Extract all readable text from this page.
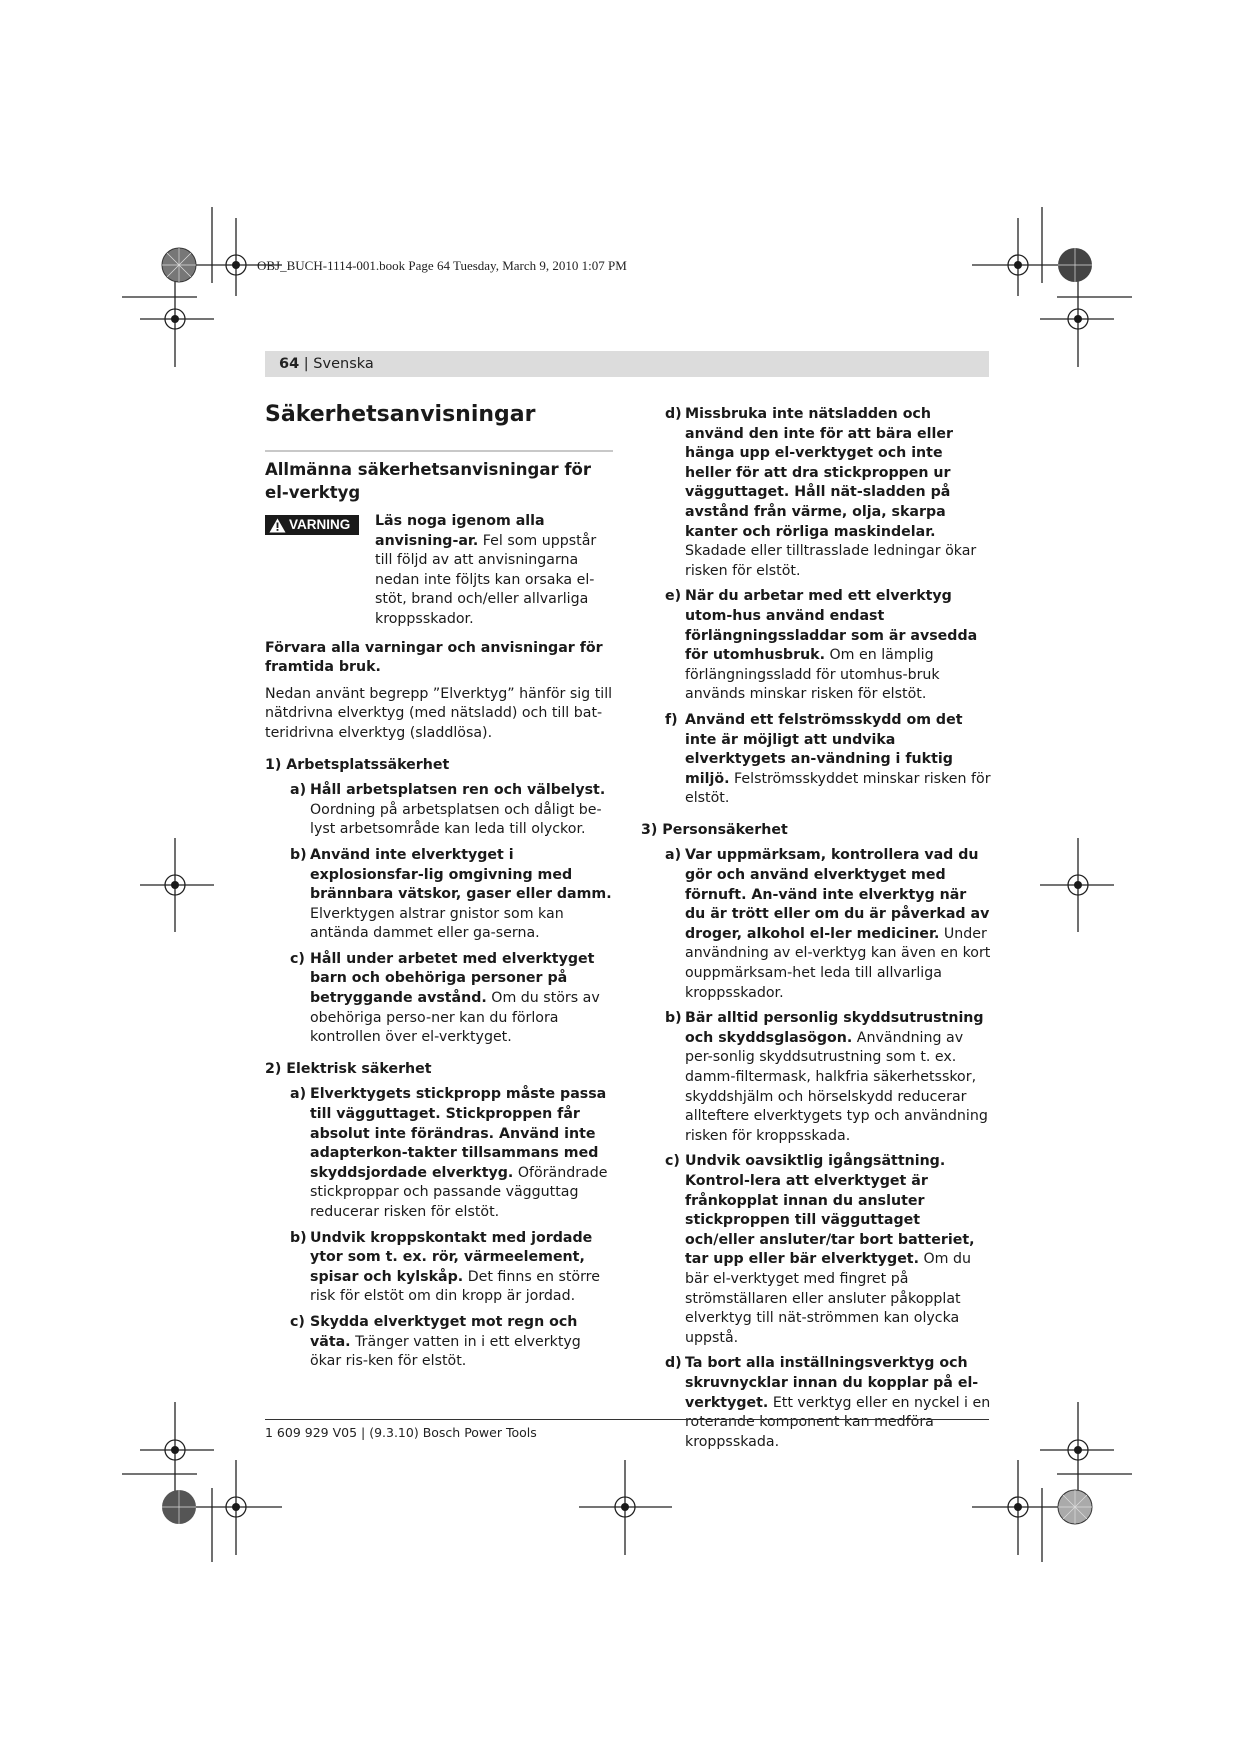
OBJ_BUCH-1114-001.book Page 64 Tuesday, March 9, 2010 1:07 PM
64 | Svenska
Säkerhetsanvisningar
Allmänna säkerhetsanvisningar för el-verktyg
VARNING Läs noga igenom alla anvisning-ar. Fel som uppstår till följd av att anvisningarna nedan inte följts kan orsaka el-stöt, brand och/eller allvarliga kroppsskador.
Förvara alla varningar och anvisningar för framtida bruk.
Nedan använt begrepp ”Elverktyg” hänför sig till nätdrivna elverktyg (med nätsladd) och till bat-teridrivna elverktyg (sladdlösa).
1) Arbetsplatssäkerhet
a) Håll arbetsplatsen ren och välbelyst. Oordning på arbetsplatsen och dåligt be-lyst arbetsområde kan leda till olyckor.
b) Använd inte elverktyget i explosionsfar-lig omgivning med brännbara vätskor, gaser eller damm. Elverktygen alstrar gnistor som kan antända dammet eller ga-serna.
c) Håll under arbetet med elverktyget barn och obehöriga personer på betryggande avstånd. Om du störs av obehöriga perso-ner kan du förlora kontrollen över el-verktyget.
2) Elektrisk säkerhet
a) Elverktygets stickpropp måste passa till vägguttaget. Stickproppen får absolut inte förändras. Använd inte adapterkon-takter tillsammans med skyddsjordade elverktyg. Oförändrade stickproppar och passande vägguttag reducerar risken för elstöt.
b) Undvik kroppskontakt med jordade ytor som t. ex. rör, värmeelement, spisar och kylskåp. Det finns en större risk för elstöt om din kropp är jordad.
c) Skydda elverktyget mot regn och väta. Tränger vatten in i ett elverktyg ökar ris-ken för elstöt.
d) Missbruka inte nätsladden och använd den inte för att bära eller hänga upp el-verktyget och inte heller för att dra stickproppen ur vägguttaget. Håll nät-sladden på avstånd från värme, olja, skarpa kanter och rörliga maskindelar. Skadade eller tilltrasslade ledningar ökar risken för elstöt.
e) När du arbetar med ett elverktyg utom-hus använd endast förlängningssladdar som är avsedda för utomhusbruk. Om en lämplig förlängningssladd för utomhus-bruk används minskar risken för elstöt.
f) Använd ett felströmsskydd om det inte är möjligt att undvika elverktygets an-vändning i fuktig miljö. Felströmsskyddet minskar risken för elstöt.
3) Personsäkerhet
a) Var uppmärksam, kontrollera vad du gör och använd elverktyget med förnuft. An-vänd inte elverktyg när du är trött eller om du är påverkad av droger, alkohol el-ler mediciner. Under användning av el-verktyg kan även en kort ouppmärksam-het leda till allvarliga kroppsskador.
b) Bär alltid personlig skyddsutrustning och skyddsglasögon. Användning av per-sonlig skyddsutrustning som t. ex. damm-filtermask, halkfria säkerhetsskor, skyddshjälm och hörselskydd reducerar allteftere elverktygets typ och användning risken för kroppsskada.
c) Undvik oavsiktlig igångsättning. Kontrol-lera att elverktyget är frånkopplat innan du ansluter stickproppen till vägguttaget och/eller ansluter/tar bort batteriet, tar upp eller bär elverktyget. Om du bär el-verktyget med fingret på strömställaren eller ansluter påkopplat elverktyg till nät-strömmen kan olycka uppstå.
d) Ta bort alla inställningsverktyg och skruvnycklar innan du kopplar på el-verktyget. Ett verktyg eller en nyckel i en roterande komponent kan medföra kroppsskada.
1 609 929 V05 | (9.3.10) Bosch Power Tools
